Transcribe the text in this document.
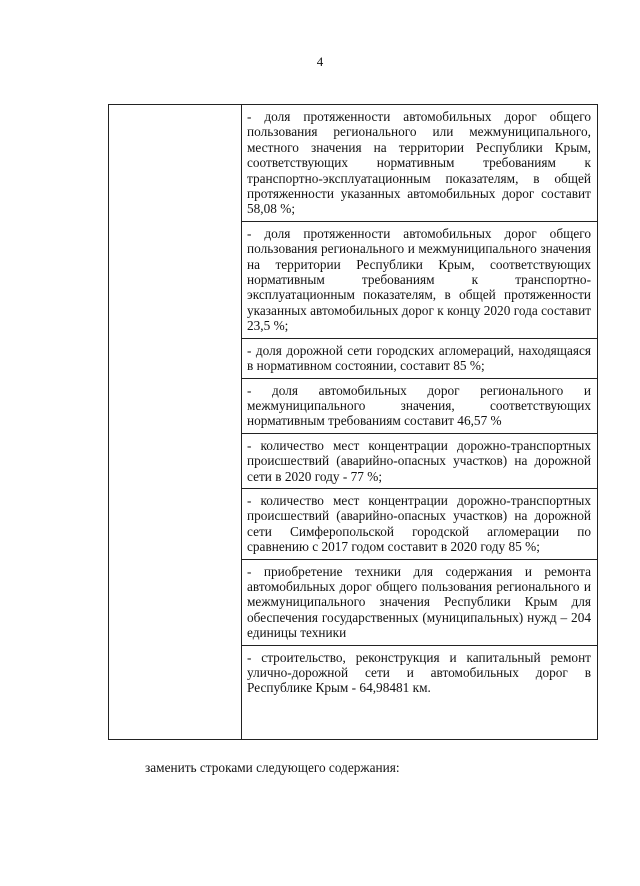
4
- доля протяженности автомобильных дорог общего пользования регионального или межмуниципального, местного значения на территории Республики Крым, соответствующих нормативным требованиям к транспортно-эксплуатационным показателям, в общей протяженности указанных автомобильных дорог составит 58,08 %;
- доля протяженности автомобильных дорог общего пользования регионального и межмуниципального значения на территории Республики Крым, соответствующих нормативным требованиям к транспортно-эксплуатационным показателям, в общей протяженности указанных автомобильных дорог к концу 2020 года составит 23,5 %;
- доля дорожной сети городских агломераций, находящаяся в нормативном состоянии, составит 85 %;
- доля автомобильных дорог регионального и межмуниципального значения, соответствующих нормативным требованиям составит 46,57 %
- количество мест концентрации дорожно-транспортных происшествий (аварийно-опасных участков) на дорожной сети в 2020 году - 77 %;
- количество мест концентрации дорожно-транспортных происшествий (аварийно-опасных участков) на дорожной сети Симферопольской городской агломерации по сравнению с 2017 годом составит в 2020 году 85 %;
- приобретение техники для содержания и ремонта автомобильных дорог общего пользования регионального и межмуниципального значения Республики Крым для обеспечения государственных (муниципальных) нужд – 204 единицы техники
- строительство, реконструкция и капитальный ремонт улично-дорожной сети и автомобильных дорог в Республике Крым - 64,98481 км.
заменить строками следующего содержания:
